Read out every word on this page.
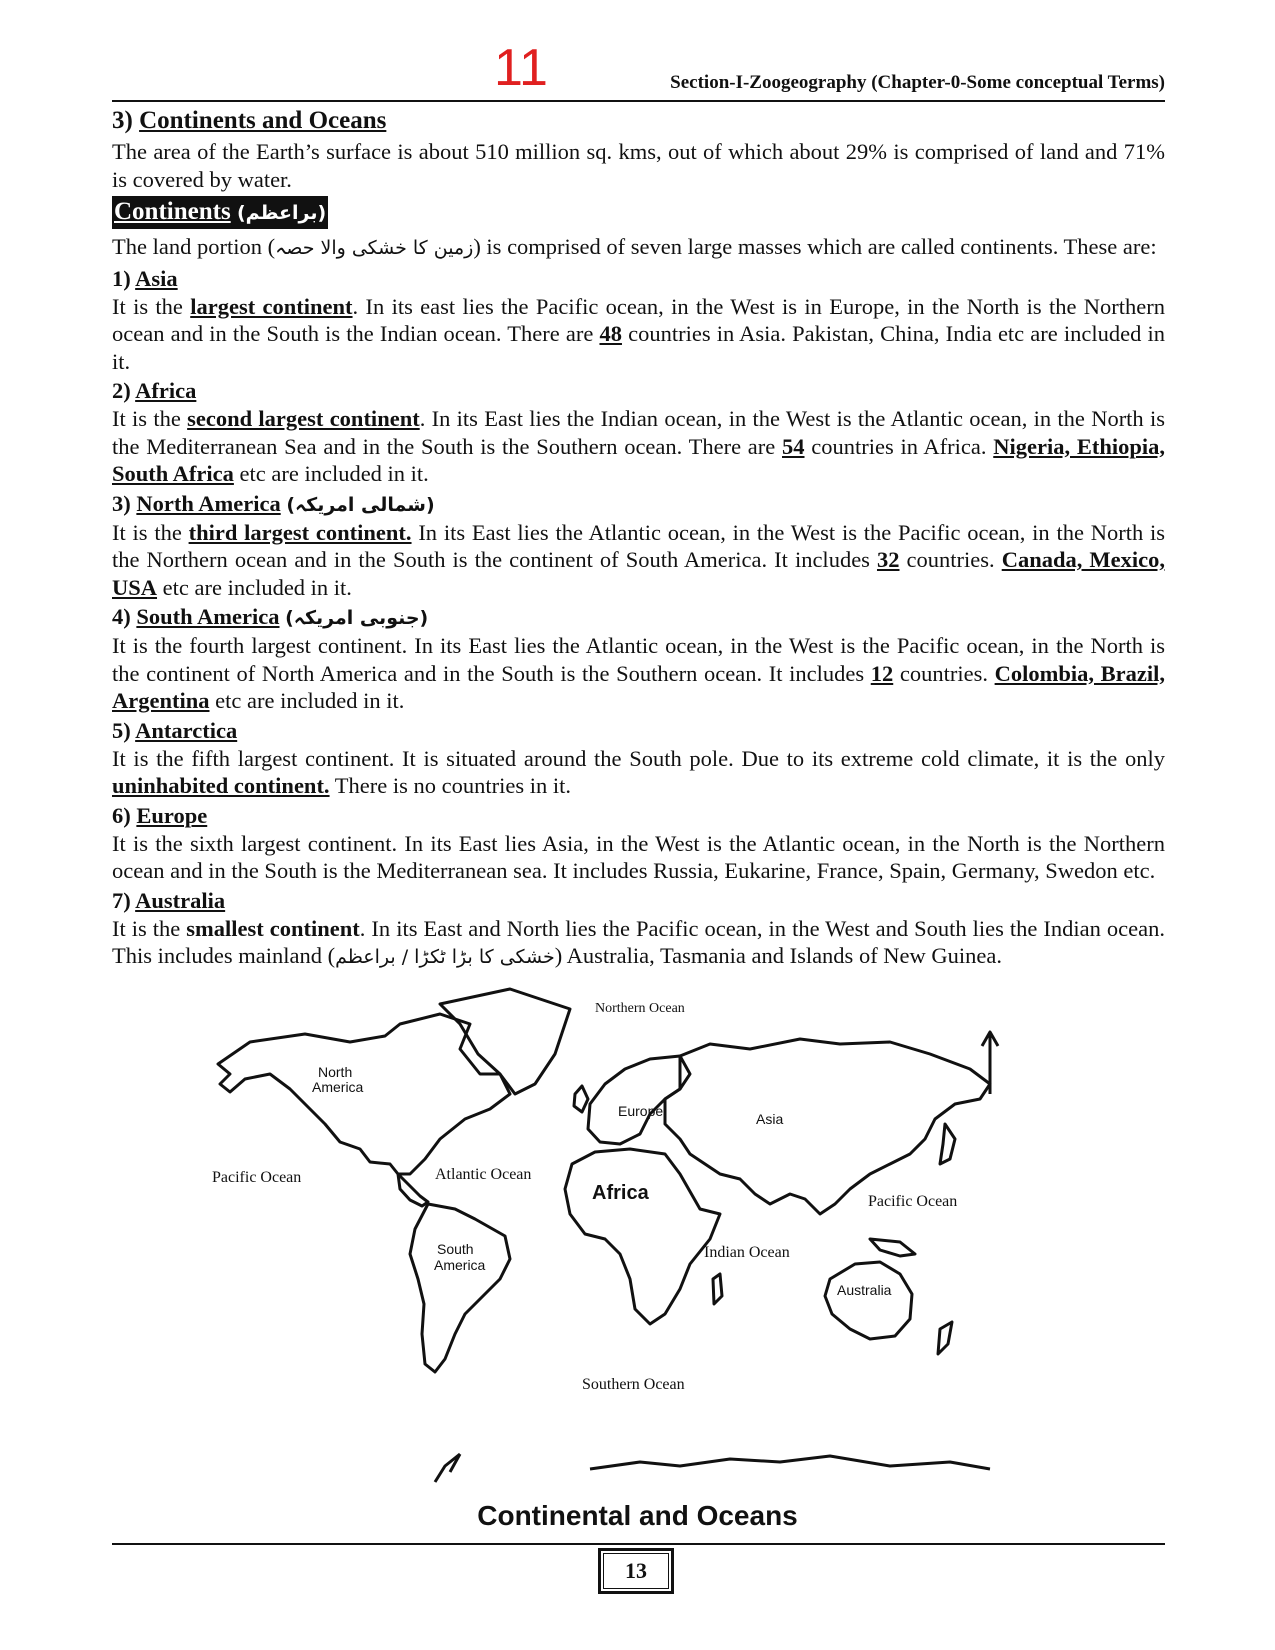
11	Section-I-Zoogeography (Chapter-0-Some conceptual Terms)
3) Continents and Oceans

The area of the Earth’s surface is about 510 million sq. kms, out of which about 29% is comprised of land and 71% is covered by water.

Continents (براعظم)

The land portion (زمین کا خشکی والا حصہ) is comprised of seven large masses which are called continents. These are:

1) Asia

It is the largest continent. In its east lies the Pacific ocean, in the West is in Europe, in the North is the Northern ocean and in the South is the Indian ocean. There are 48 countries in Asia. Pakistan, China, India etc are included in it.

2) Africa

It is the second largest continent. In its East lies the Indian ocean, in the West is the Atlantic ocean, in the North is the Mediterranean Sea and in the South is the Southern ocean. There are 54 countries in Africa. Nigeria, Ethiopia, South Africa etc are included in it.

3) North America (شمالی امریکہ)

It is the third largest continent. In its East lies the Atlantic ocean, in the West is the Pacific ocean, in the North is the Northern ocean and in the South is the continent of South America. It includes 32 countries. Canada, Mexico, USA etc are included in it.

4) South America (جنوبی امریکہ)

It is the fourth largest continent. In its East lies the Atlantic ocean, in the West is the Pacific ocean, in the North is the continent of North America and in the South is the Southern ocean. It includes 12 countries. Colombia, Brazil, Argentina etc are included in it.

5) Antarctica

It is the fifth largest continent. It is situated around the South pole. Due to its extreme cold climate, it is the only uninhabited continent. There is no countries in it.

6) Europe

It is the sixth largest continent. In its East lies Asia, in the West is the Atlantic ocean, in the North is the Northern ocean and in the South is the Mediterranean sea. It includes Russia, Eukarine, France, Spain, Germany, Swedon etc.

7) Australia

It is the smallest continent. In its East and North lies the Pacific ocean, in the West and South lies the Indian ocean. This includes mainland (خشکی کا بڑا ٹکڑا / براعظم) Australia, Tasmania and Islands of New Guinea.

Northern Ocean
North
America
Europe	Asia
Pacific Ocean	Atlantic Ocean
Africa	Pacific Ocean
South
America
Indian Ocean
Australia
Southern Ocean
Continental and Oceans
13
